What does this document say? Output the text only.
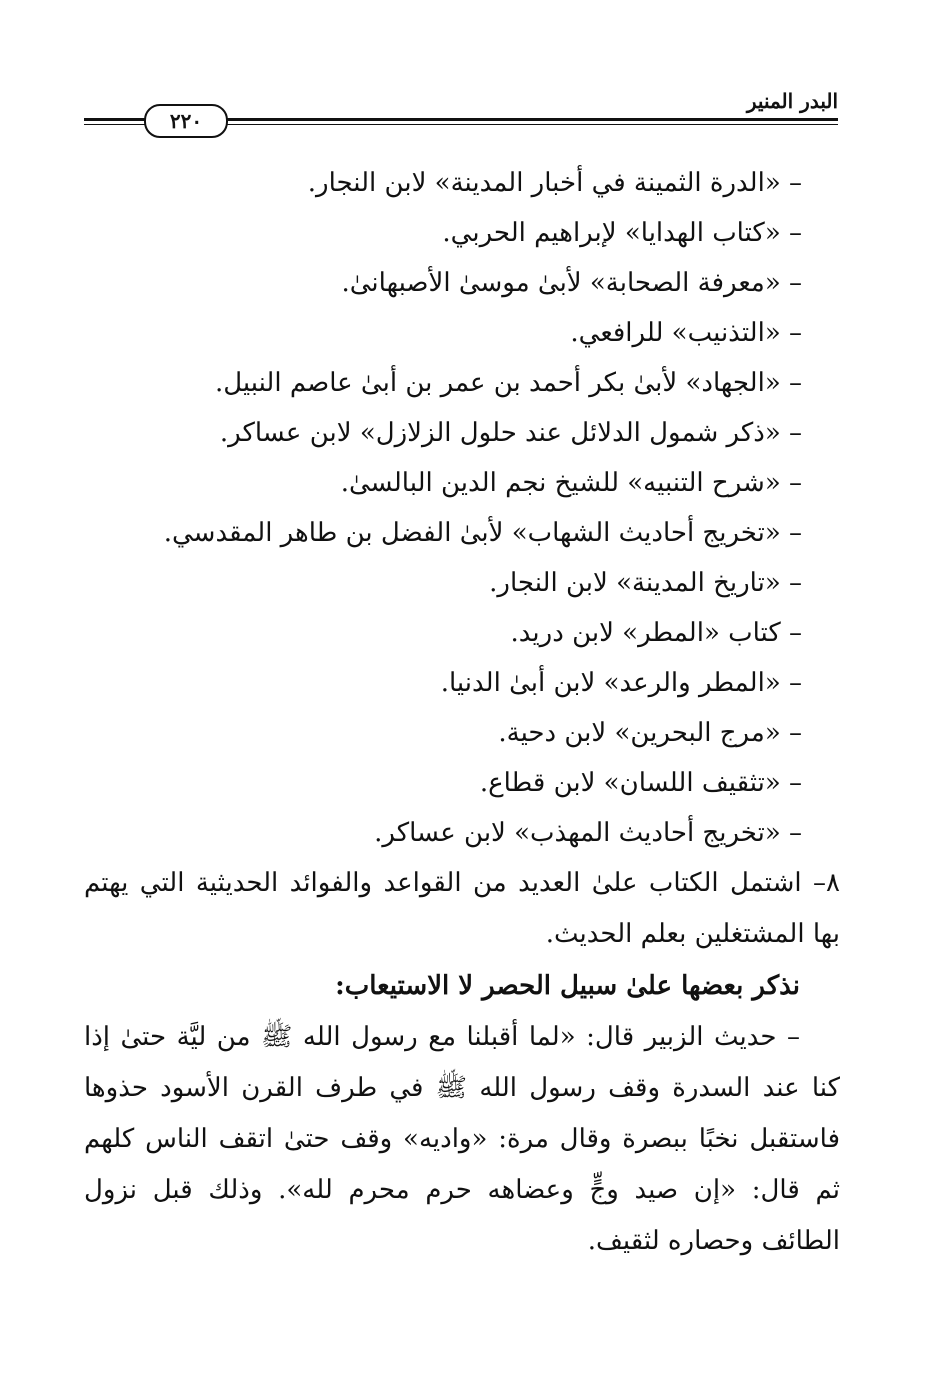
البدر المنير
٢٢٠
– «الدرة الثمينة في أخبار المدينة» لابن النجار.
– «كتاب الهدايا» لإبراهيم الحربي.
– «معرفة الصحابة» لأبىٰ موسىٰ الأصبهانىٰ.
– «التذنيب» للرافعي.
– «الجهاد» لأبىٰ بكر أحمد بن عمر بن أبىٰ عاصم النبيل.
– «ذكر شمول الدلائل عند حلول الزلازل» لابن عساكر.
– «شرح التنبيه» للشيخ نجم الدين البالسىٰ.
– «تخريج أحاديث الشهاب» لأبىٰ الفضل بن طاهر المقدسي.
– «تاريخ المدينة» لابن النجار.
– كتاب «المطر» لابن دريد.
– «المطر والرعد» لابن أبىٰ الدنيا.
– «مرج البحرين» لابن دحية.
– «تثقيف اللسان» لابن قطاع.
– «تخريج أحاديث المهذب» لابن عساكر.

٨– اشتمل الكتاب علىٰ العديد من القواعد والفوائد الحديثية التي يهتم بها المشتغلين بعلم الحديث.

نذكر بعضها علىٰ سبيل الحصر لا الاستيعاب:

– حديث الزبير قال: «لما أقبلنا مع رسول الله ﷺ من ليَّة حتىٰ إذا كنا عند السدرة وقف رسول الله ﷺ في طرف القرن الأسود حذوها فاستقبل نخبًا ببصرة وقال مرة: «واديه» وقف حتىٰ اتقف الناس كلهم ثم قال: «إن صيد وجٍّ وعضاهه حرم محرم لله». وذلك قبل نزول الطائف وحصاره لثقيف.
